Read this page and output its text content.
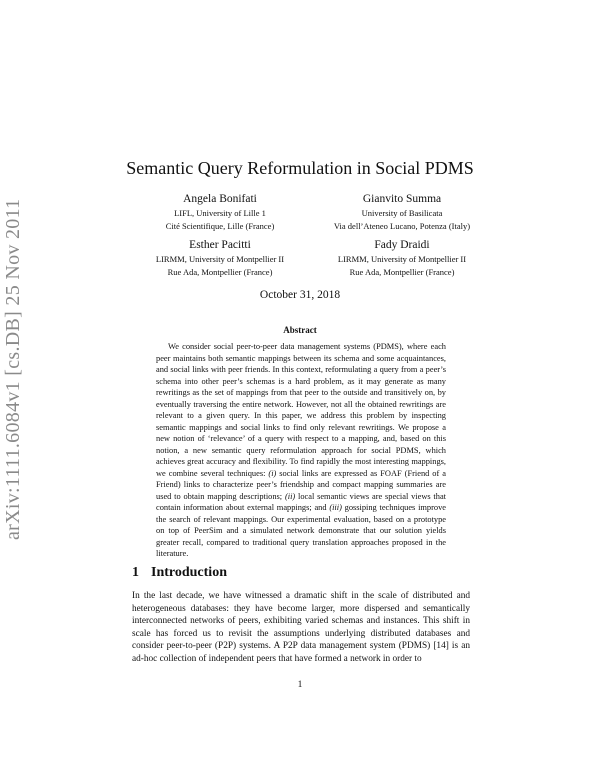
arXiv:1111.6084v1 [cs.DB] 25 Nov 2011
Semantic Query Reformulation in Social PDMS
Angela Bonifati
LIFL, University of Lille 1
Cité Scientifique, Lille (France)
Gianvito Summa
University of Basilicata
Via dell’Ateneo Lucano, Potenza (Italy)
Esther Pacitti
LIRMM, University of Montpellier II
Rue Ada, Montpellier (France)
Fady Draidi
LIRMM, University of Montpellier II
Rue Ada, Montpellier (France)
October 31, 2018
Abstract

We consider social peer-to-peer data management systems (PDMS), where each peer maintains both semantic mappings between its schema and some acquaintances, and social links with peer friends. In this context, reformulating a query from a peer’s schema into other peer’s schemas is a hard problem, as it may generate as many rewritings as the set of mappings from that peer to the outside and transitively on, by eventually traversing the entire network. However, not all the obtained rewritings are relevant to a given query. In this paper, we address this problem by inspecting semantic mappings and social links to find only relevant rewritings. We propose a new notion of ‘relevance’ of a query with respect to a mapping, and, based on this notion, a new semantic query reformulation approach for social PDMS, which achieves great accuracy and flexibility. To find rapidly the most interesting mappings, we combine several techniques: (i) social links are expressed as FOAF (Friend of a Friend) links to characterize peer’s friendship and compact mapping summaries are used to obtain mapping descriptions; (ii) local semantic views are special views that contain information about external mappings; and (iii) gossiping techniques improve the search of relevant mappings. Our experimental evaluation, based on a prototype on top of PeerSim and a simulated network demonstrate that our solution yields greater recall, compared to traditional query translation approaches proposed in the literature.

1 Introduction

In the last decade, we have witnessed a dramatic shift in the scale of distributed and heterogeneous databases: they have become larger, more dispersed and semantically interconnected networks of peers, exhibiting varied schemas and instances. This shift in scale has forced us to revisit the assumptions underlying distributed databases and consider peer-to-peer (P2P) systems. A P2P data management system (PDMS) [14] is an ad-hoc collection of independent peers that have formed a network in order to

1
